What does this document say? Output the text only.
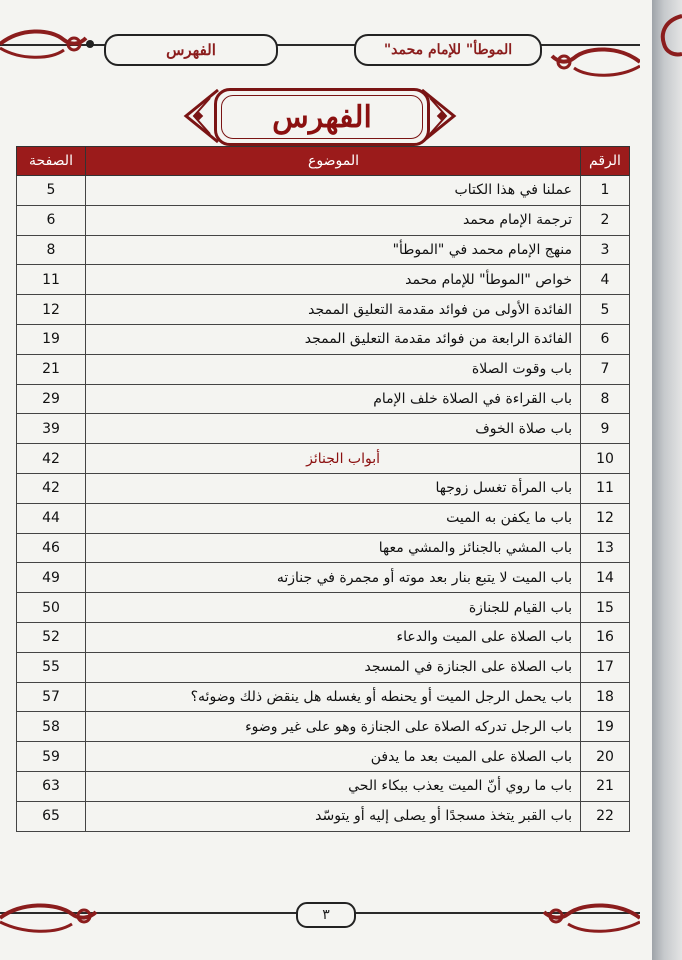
الفهرس	"الموطأ" للإمام محمد
الفهرس
الرقم	الموضوع	الصفحة
1	عملنا في هذا الكتاب	5
2	ترجمة الإمام محمد	6
3	منهج الإمام محمد في "الموطأ"	8
4	خواص "الموطأ" للإمام محمد	11
5	الفائدة الأولى من فوائد مقدمة التعليق الممجد	12
6	الفائدة الرابعة من فوائد مقدمة التعليق الممجد	19
7	باب وقوت الصلاة	21
8	باب القراءة في الصلاة خلف الإمام	29
9	باب صلاة الخوف	39
10	أبواب الجنائز	42
11	باب المرأة تغسل زوجها	42
12	باب ما يكفن به الميت	44
13	باب المشي بالجنائز والمشي معها	46
14	باب الميت لا يتبع بنار بعد موته أو مجمرة في جنازته	49
15	باب القيام للجنازة	50
16	باب الصلاة على الميت والدعاء	52
17	باب الصلاة على الجنازة في المسجد	55
18	باب يحمل الرجل الميت أو يحنطه أو يغسله هل ينقض ذلك وضوئه؟	57
19	باب الرجل تدركه الصلاة على الجنازة وهو على غير وضوء	58
20	باب الصلاة على الميت بعد ما يدفن	59
21	باب ما روي أنّ الميت يعذب ببكاء الحي	63
22	باب القبر يتخذ مسجدًا أو يصلى إليه أو يتوسّد	65
٣
